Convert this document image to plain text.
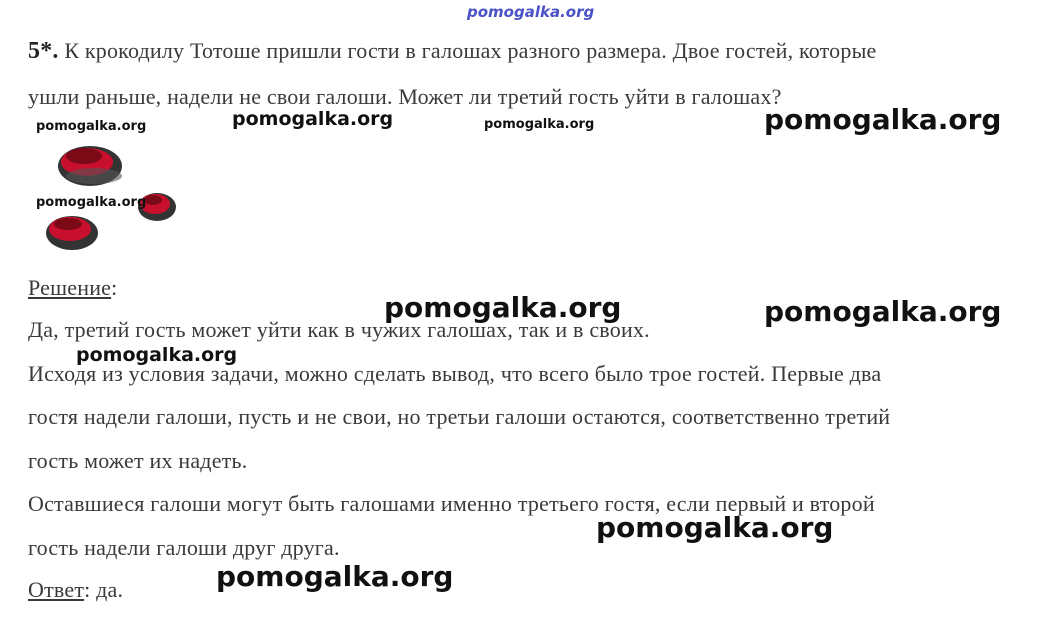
pomogalka.org
5*. К крокодилу Тотоше пришли гости в галошах разного размера. Двое гостей, которые
ушли раньше, надели не свои галоши. Может ли третий гость уйти в галошах?
Решение:
Да, третий гость может уйти как в чужих галошах, так и в своих.
Исходя из условия задачи, можно сделать вывод, что всего было трое гостей. Первые два
гостя надели галоши, пусть и не свои, но третьи галоши остаются, соответственно третий
гость может их надеть.
Оставшиеся галоши могут быть галошами именно третьего гостя, если первый и второй
гость надели галоши друг друга.
Ответ: да.
pomogalka.org	pomogalka.org	pomogalka.org	pomogalka.org
pomogalka.org
pomogalka.org	pomogalka.org
pomogalka.org
pomogalka.org
pomogalka.org
